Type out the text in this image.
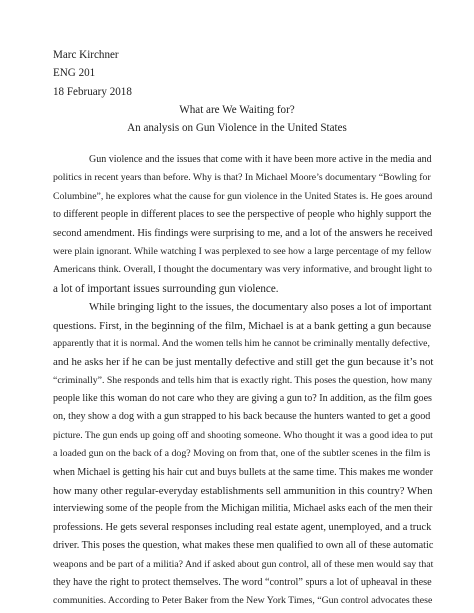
Marc Kirchner
ENG 201
18 February 2018
What are We Waiting for?
An analysis on Gun Violence in the United States
Gun violence and the issues that come with it have been more active in the media and
politics in recent years than before. Why is that? In Michael Moore’s documentary “Bowling for
Columbine”, he explores what the cause for gun violence in the United States is. He goes around
to different people in different places to see the perspective of people who highly support the
second amendment. His findings were surprising to me, and a lot of the answers he received
were plain ignorant. While watching I was perplexed to see how a large percentage of my fellow
Americans think. Overall, I thought the documentary was very informative, and brought light to
a lot of important issues surrounding gun violence.
While bringing light to the issues, the documentary also poses a lot of important
questions. First, in the beginning of the film, Michael is at a bank getting a gun because
apparently that it is normal. And the women tells him he cannot be criminally mentally defective,
and he asks her if he can be just mentally defective and still get the gun because it’s not
“criminally”. She responds and tells him that is exactly right. This poses the question, how many
people like this woman do not care who they are giving a gun to? In addition, as the film goes
on, they show a dog with a gun strapped to his back because the hunters wanted to get a good
picture. The gun ends up going off and shooting someone. Who thought it was a good idea to put
a loaded gun on the back of a dog? Moving on from that, one of the subtler scenes in the film is
when Michael is getting his hair cut and buys bullets at the same time. This makes me wonder
how many other regular-everyday establishments sell ammunition in this country? When
interviewing some of the people from the Michigan militia, Michael asks each of the men their
professions. He gets several responses including real estate agent, unemployed, and a truck
driver. This poses the question, what makes these men qualified to own all of these automatic
weapons and be part of a militia? And if asked about gun control, all of these men would say that
they have the right to protect themselves. The word “control” spurs a lot of upheaval in these
communities. According to Peter Baker from the New York Times, “Gun control advocates these
